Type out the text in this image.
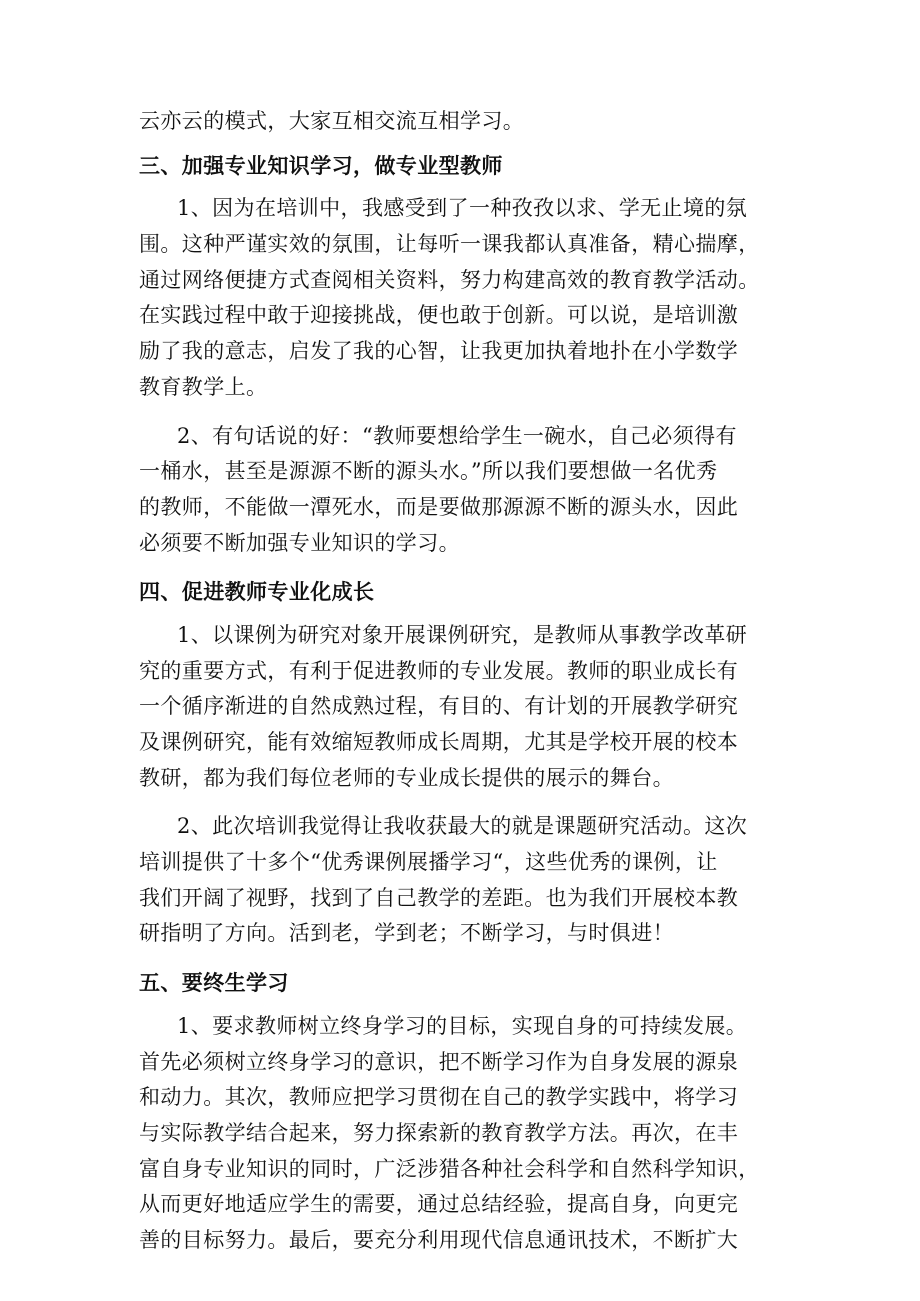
云亦云的模式，大家互相交流互相学习。
三、加强专业知识学习，做专业型教师
1、因为在培训中，我感受到了一种孜孜以求、学无止境的氛
围。这种严谨实效的氛围，让每听一课我都认真准备，精心揣摩，
通过网络便捷方式查阅相关资料，努力构建高效的教育教学活动。
在实践过程中敢于迎接挑战，便也敢于创新。可以说，是培训激
励了我的意志，启发了我的心智，让我更加执着地扑在小学数学
教育教学上。
2、有句话说的好：“教师要想给学生一碗水，自己必须得有
一桶水，甚至是源源不断的源头水。”所以我们要想做一名优秀
的教师，不能做一潭死水，而是要做那源源不断的源头水，因此
必须要不断加强专业知识的学习。
四、促进教师专业化成长
1、以课例为研究对象开展课例研究，是教师从事教学改革研
究的重要方式，有利于促进教师的专业发展。教师的职业成长有
一个循序渐进的自然成熟过程，有目的、有计划的开展教学研究
及课例研究，能有效缩短教师成长周期，尤其是学校开展的校本
教研，都为我们每位老师的专业成长提供的展示的舞台。
2、此次培训我觉得让我收获最大的就是课题研究活动。这次
培训提供了十多个“优秀课例展播学习“，这些优秀的课例，让
我们开阔了视野，找到了自己教学的差距。也为我们开展校本教
研指明了方向。活到老，学到老；不断学习，与时俱进！
五、要终生学习
1、要求教师树立终身学习的目标，实现自身的可持续发展。
首先必须树立终身学习的意识，把不断学习作为自身发展的源泉
和动力。其次，教师应把学习贯彻在自己的教学实践中，将学习
与实际教学结合起来，努力探索新的教育教学方法。再次，在丰
富自身专业知识的同时，广泛涉猎各种社会科学和自然科学知识，
从而更好地适应学生的需要，通过总结经验，提高自身，向更完
善的目标努力。最后，要充分利用现代信息通讯技术，不断扩大
